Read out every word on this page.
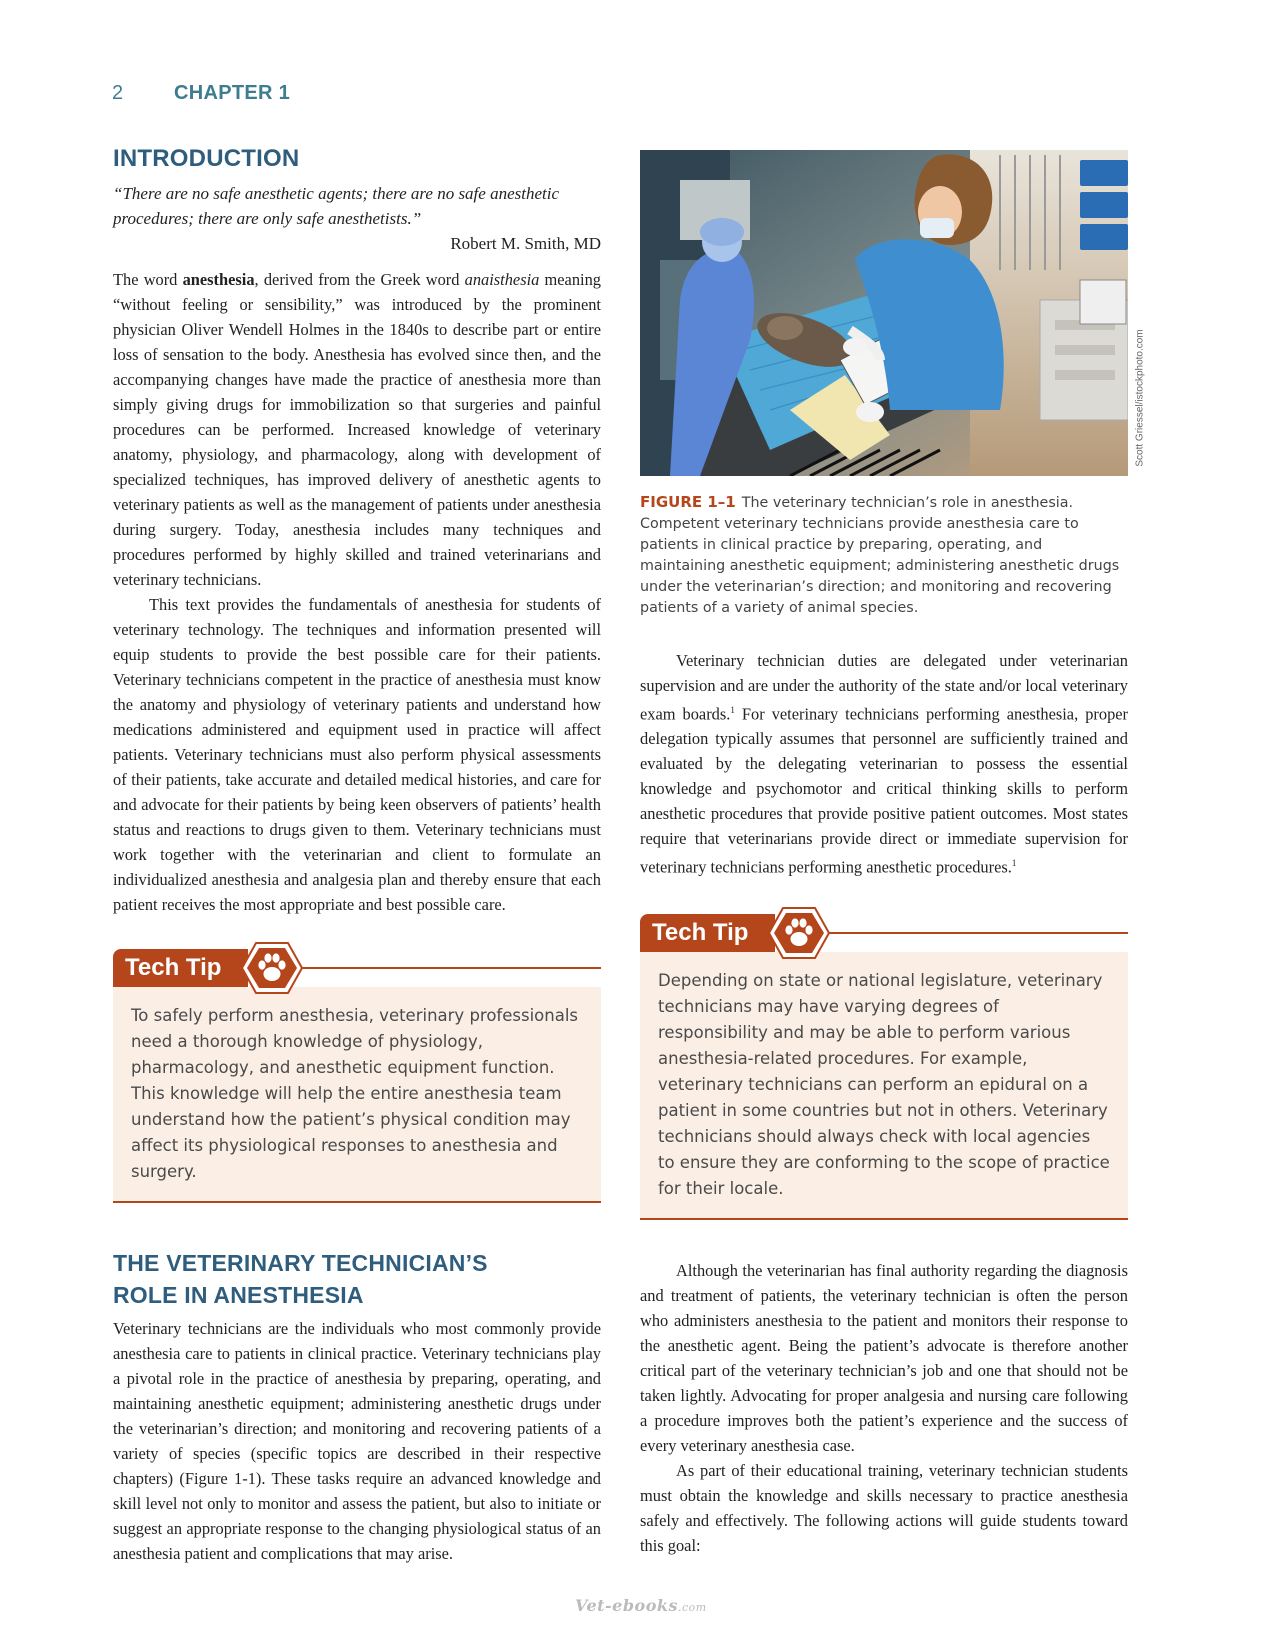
2	CHAPTER 1
INTRODUCTION
“There are no safe anesthetic agents; there are no safe anesthetic procedures; there are only safe anesthetists.”
Robert M. Smith, MD

The word anesthesia, derived from the Greek word anaisthesia meaning “without feeling or sensibility,” was introduced by the prominent physician Oliver Wendell Holmes in the 1840s to describe part or entire loss of sensation to the body. Anesthesia has evolved since then, and the accompanying changes have made the practice of anesthesia more than simply giving drugs for immobilization so that surgeries and painful procedures can be performed. Increased knowledge of veterinary anatomy, physiology, and pharmacology, along with development of specialized techniques, has improved delivery of anesthetic agents to veterinary patients as well as the management of patients under anesthesia during surgery. Today, anesthesia includes many techniques and procedures performed by highly skilled and trained veterinarians and veterinary technicians.

This text provides the fundamentals of anesthesia for students of veterinary technology. The techniques and information presented will equip students to provide the best possible care for their patients. Veterinary technicians competent in the practice of anesthesia must know the anatomy and physiology of veterinary patients and understand how medications administered and equipment used in practice will affect patients. Veterinary technicians must also perform physical assessments of their patients, take accurate and detailed medical histories, and care for and advocate for their patients by being keen observers of patients’ health status and reactions to drugs given to them. Veterinary technicians must work together with the veterinarian and client to formulate an individualized anesthesia and analgesia plan and thereby ensure that each patient receives the most appropriate and best possible care.

Tech Tip
To safely perform anesthesia, veterinary professionals need a thorough knowledge of physiology, pharmacology, and anesthetic equipment function. This knowledge will help the entire anesthesia team understand how the patient’s physical condition may affect its physiological responses to anesthesia and surgery.
THE VETERINARY TECHNICIAN’S
ROLE IN ANESTHESIA
Veterinary technicians are the individuals who most commonly provide anesthesia care to patients in clinical practice. Veterinary technicians play a pivotal role in the practice of anesthesia by preparing, operating, and maintaining anesthetic equipment; administering anesthetic drugs under the veterinarian’s direction; and monitoring and recovering patients of a variety of species (specific topics are described in their respective chapters) (Figure 1-1). These tasks require an advanced knowledge and skill level not only to monitor and assess the patient, but also to initiate or suggest an appropriate response to the changing physiological status of an anesthesia patient and complications that may arise.
FIGURE 1–1 The veterinary technician’s role in anesthesia. Competent veterinary technicians provide anesthesia care to patients in clinical practice by preparing, operating, and maintaining anesthetic equipment; administering anesthetic drugs under the veterinarian’s direction; and monitoring and recovering patients of a variety of animal species.

Veterinary technician duties are delegated under veterinarian supervision and are under the authority of the state and/or local veterinary exam boards.$^1$ For veterinary technicians performing anesthesia, proper delegation typically assumes that personnel are sufficiently trained and evaluated by the delegating veterinarian to possess the essential knowledge and psychomotor and critical thinking skills to perform anesthetic procedures that provide positive patient outcomes. Most states require that veterinarians provide direct or immediate supervision for veterinary technicians performing anesthetic procedures.$^1$

Tech Tip
Depending on state or national legislature, veterinary technicians may have varying degrees of responsibility and may be able to perform various anesthesia-related procedures. For example, veterinary technicians can perform an epidural on a patient in some countries but not in others. Veterinary technicians should always check with local agencies to ensure they are conforming to the scope of practice for their locale.

Although the veterinarian has final authority regarding the diagnosis and treatment of patients, the veterinary technician is often the person who administers anesthesia to the patient and monitors their response to the anesthetic agent. Being the patient’s advocate is therefore another critical part of the veterinary technician’s job and one that should not be taken lightly. Advocating for proper analgesia and nursing care following a procedure improves both the patient’s experience and the success of every veterinary anesthesia case.

As part of their educational training, veterinary technician students must obtain the knowledge and skills necessary to practice anesthesia safely and effectively. The following actions will guide students toward this goal:

Scott Griessel/istockphoto.com
Vet-ebooks.com
